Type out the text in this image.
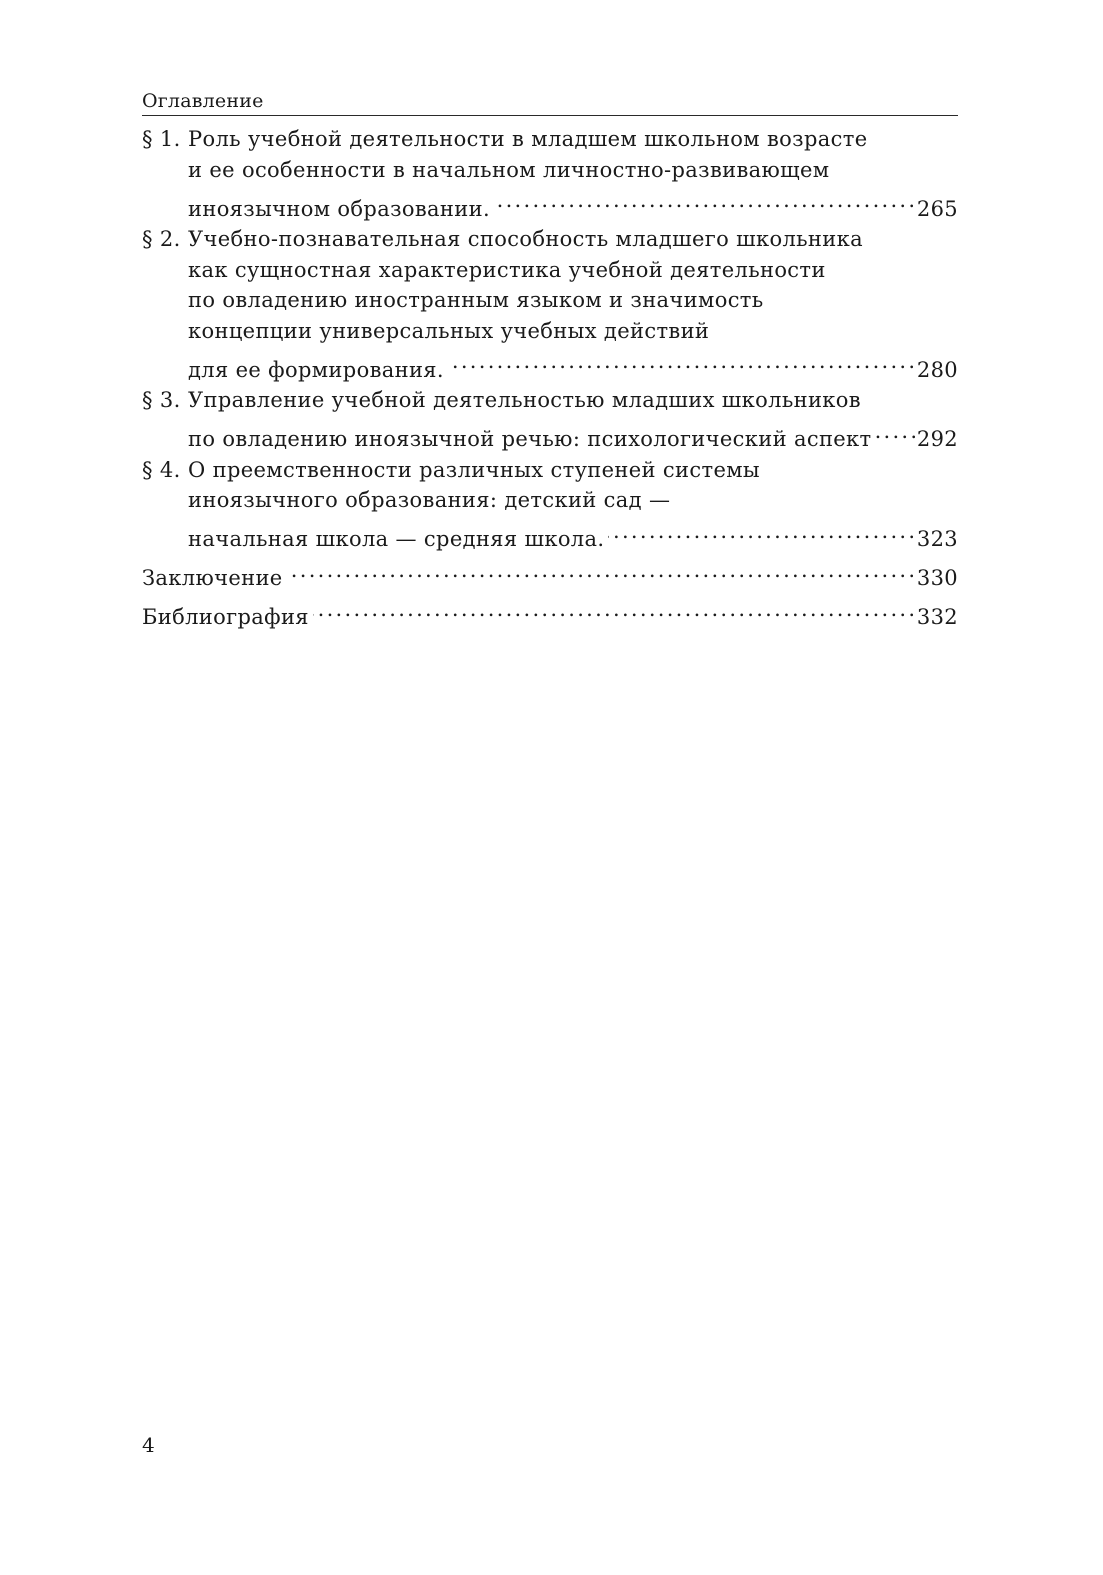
Оглавление
§ 1. Роль учебной деятельности в младшем школьном возрасте
и ее особенности в начальном личностно-развивающем
иноязычном образовании. . . .	265
§ 2. Учебно-познавательная способность младшего школьника
как сущностная характеристика учебной деятельности
по овладению иностранным языком и значимость
концепции универсальных учебных действий
для ее формирования. . . .	280
§ 3. Управление учебной деятельностью младших школьников
по овладению иноязычной речью: психологический аспект . . . 292
§ 4. О преемственности различных ступеней системы
иноязычного образования: детский сад —
начальная школа — средняя школа. . . .	323
Заключение . . .	330
Библиография . . .	332
4
